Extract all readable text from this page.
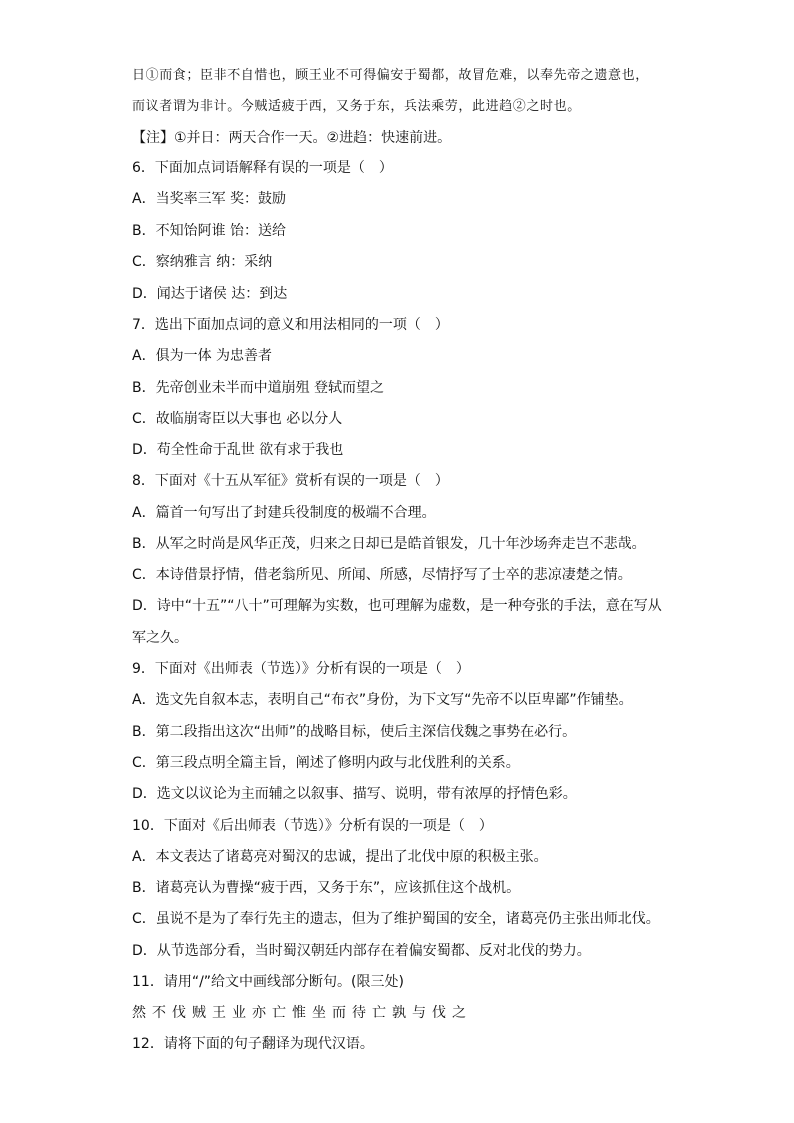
日①而食；臣非不自惜也，顾王业不可得偏安于蜀都，故冒危难，以奉先帝之遗意也，
而议者谓为非计。今贼适疲于西，又务于东，兵法乘劳，此进趋②之时也。
【注】①并日：两天合作一天。②进趋：快速前进。
6．下面加点词语解释有误的一项是（　）
A．当奖率三军 奖：鼓励
B．不知饴阿谁 饴：送给
C．察纳雅言 纳：采纳
D．闻达于诸侯 达：到达
7．选出下面加点词的意义和用法相同的一项（　）
A．俱为一体 为忠善者
B．先帝创业未半而中道崩殂 登轼而望之
C．故临崩寄臣以大事也 必以分人
D．苟全性命于乱世 欲有求于我也
8．下面对《十五从军征》赏析有误的一项是（　）
A．篇首一句写出了封建兵役制度的极端不合理。
B．从军之时尚是风华正茂，归来之日却已是皓首银发，几十年沙场奔走岂不悲哉。
C．本诗借景抒情，借老翁所见、所闻、所感，尽情抒写了士卒的悲凉凄楚之情。
D．诗中“十五”“八十”可理解为实数，也可理解为虚数，是一种夸张的手法，意在写从
军之久。
9．下面对《出师表（节选）》分析有误的一项是（　）
A．选文先自叙本志，表明自己“布衣”身份，为下文写“先帝不以臣卑鄙”作铺垫。
B．第二段指出这次“出师”的战略目标，使后主深信伐魏之事势在必行。
C．第三段点明全篇主旨，阐述了修明内政与北伐胜利的关系。
D．选文以议论为主而辅之以叙事、描写、说明，带有浓厚的抒情色彩。
10．下面对《后出师表（节选）》分析有误的一项是（　）
A．本文表达了诸葛亮对蜀汉的忠诚，提出了北伐中原的积极主张。
B．诸葛亮认为曹操“疲于西，又务于东”，应该抓住这个战机。
C．虽说不是为了奉行先主的遗志，但为了维护蜀国的安全，诸葛亮仍主张出师北伐。
D．从节选部分看，当时蜀汉朝廷内部存在着偏安蜀都、反对北伐的势力。
11．请用“/”给文中画线部分断句。(限三处)
然不伐贼王业亦亡惟坐而待亡孰与伐之
12．请将下面的句子翻译为现代汉语。
